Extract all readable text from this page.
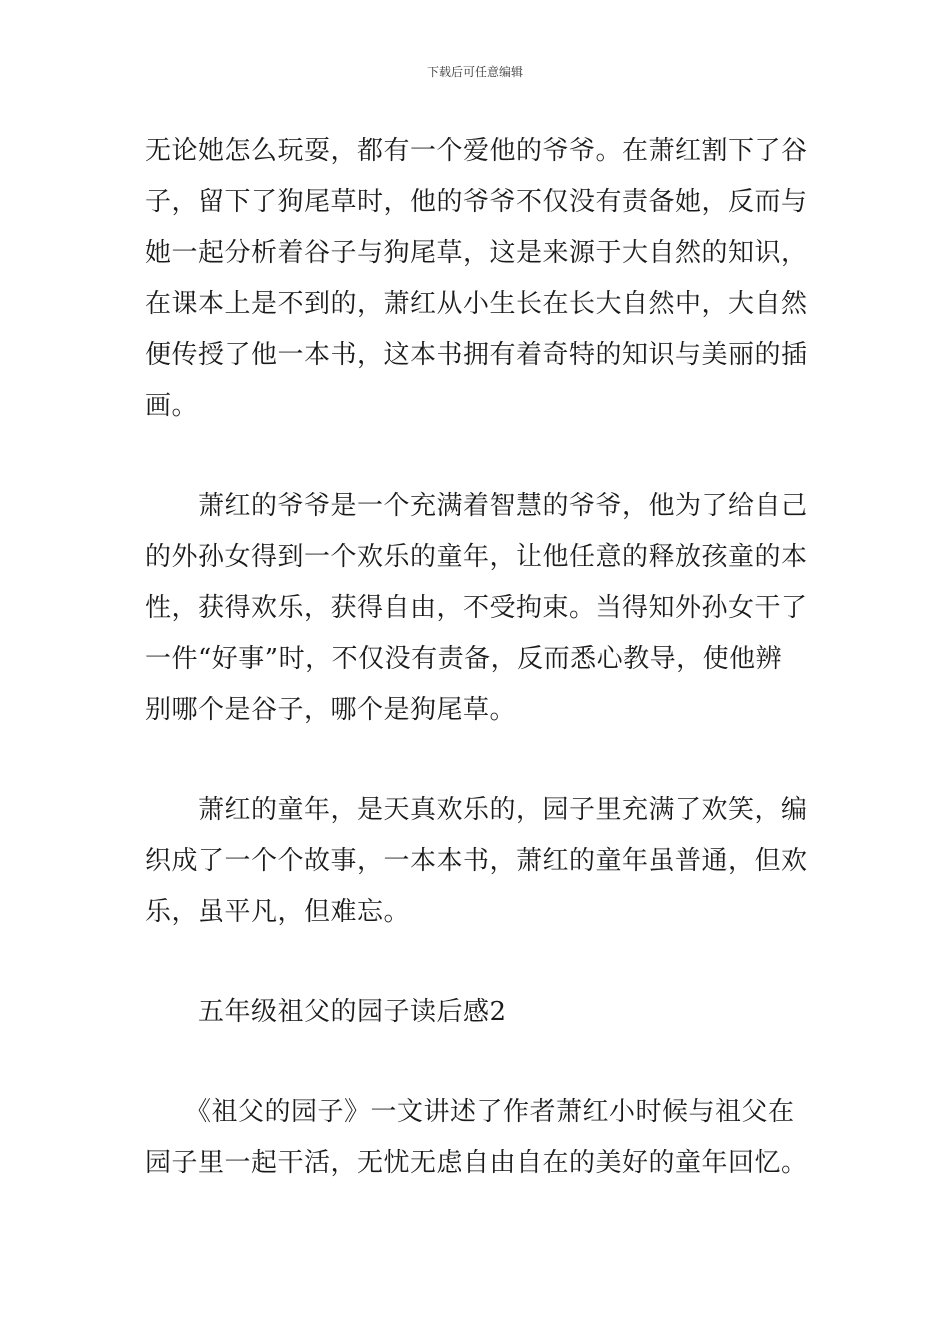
下载后可任意编辑
无论她怎么玩耍，都有一个爱他的爷爷。在萧红割下了谷
子，留下了狗尾草时，他的爷爷不仅没有责备她，反而与
她一起分析着谷子与狗尾草，这是来源于大自然的知识，
在课本上是不到的，萧红从小生长在长大自然中，大自然
便传授了他一本书，这本书拥有着奇特的知识与美丽的插
画。
　　萧红的爷爷是一个充满着智慧的爷爷，他为了给自己
的外孙女得到一个欢乐的童年，让他任意的释放孩童的本
性，获得欢乐，获得自由，不受拘束。当得知外孙女干了
一件“好事”时，不仅没有责备，反而悉心教导，使他辨
别哪个是谷子，哪个是狗尾草。
　　萧红的童年，是天真欢乐的，园子里充满了欢笑，编
织成了一个个故事，一本本书，萧红的童年虽普通，但欢
乐，虽平凡，但难忘。
　　五年级祖父的园子读后感2
　　《祖父的园子》一文讲述了作者萧红小时候与祖父在
园子里一起干活，无忧无虑自由自在的美好的童年回忆。
